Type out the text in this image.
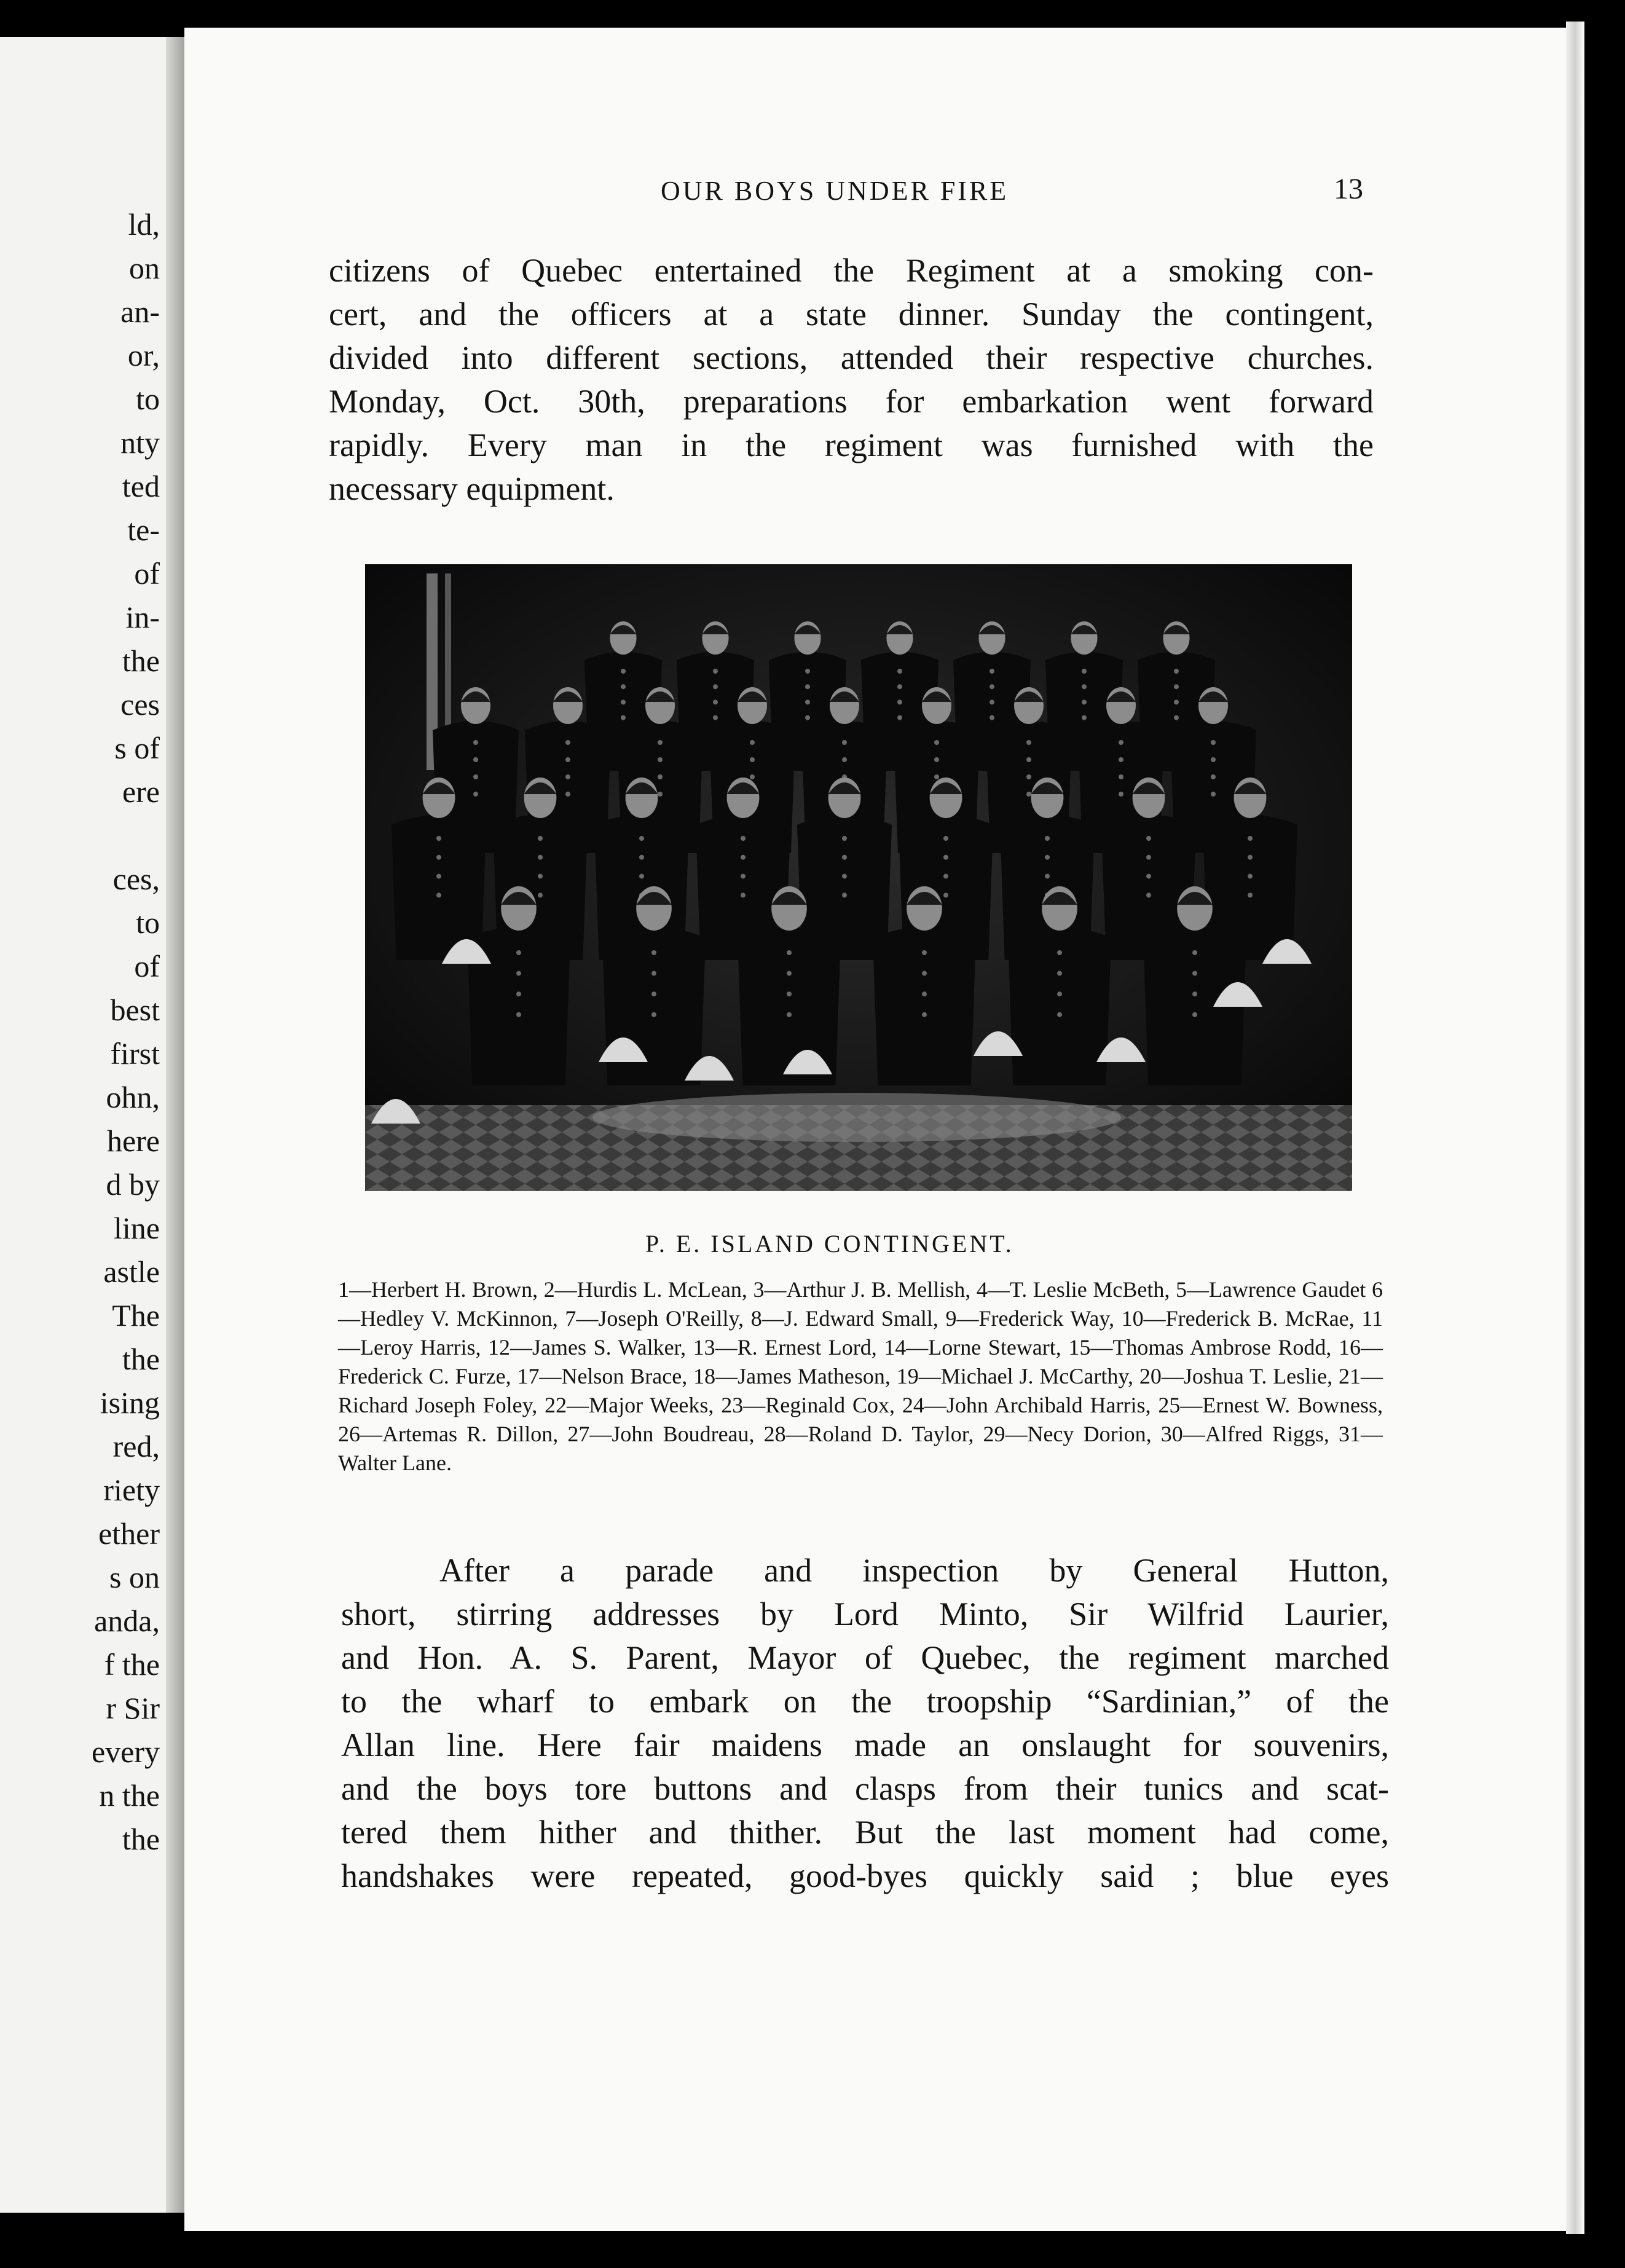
ld,
on
an-
or,
to
nty
ted
te-
of
in-
the
ces
s of
ere
ces,
to
of
best
first
ohn,
here
d by
line
astle
The
the
ising
red,
riety
ether
s on
anda,
f the
r Sir
every
n the
the
OUR BOYS UNDER FIRE	13
citizens of Quebec entertained the Regiment at a smoking con-
cert, and the officers at a state dinner. Sunday the contingent,
divided into different sections, attended their respective churches.
Monday, Oct. 30th, preparations for embarkation went forward
rapidly. Every man in the regiment was furnished with the
necessary equipment.
P. E. ISLAND CONTINGENT.
1—Herbert H. Brown, 2—Hurdis L. McLean, 3—Arthur J. B. Mellish, 4—T. Leslie McBeth, 5—Lawrence Gaudet 6—Hedley V. McKinnon, 7—Joseph O'Reilly, 8—J. Edward Small, 9—Frederick Way, 10—Frederick B. McRae, 11—Leroy Harris, 12—James S. Walker, 13—R. Ernest Lord, 14—Lorne Stewart, 15—Thomas Ambrose Rodd, 16—Frederick C. Furze, 17—Nelson Brace, 18—James Matheson, 19—Michael J. McCarthy, 20—Joshua T. Leslie, 21—Richard Joseph Foley, 22—Major Weeks, 23—Reginald Cox, 24—John Archibald Harris, 25—Ernest W. Bowness, 26—Artemas R. Dillon, 27—John Boudreau, 28—Roland D. Taylor, 29—Necy Dorion, 30—Alfred Riggs, 31—Walter Lane.
After a parade and inspection by General Hutton,
short, stirring addresses by Lord Minto, Sir Wilfrid Laurier,
and Hon. A. S. Parent, Mayor of Quebec, the regiment marched
to the wharf to embark on the troopship “Sardinian,” of the
Allan line. Here fair maidens made an onslaught for souvenirs,
and the boys tore buttons and clasps from their tunics and scat-
tered them hither and thither. But the last moment had come,
handshakes were repeated, good-byes quickly said ; blue eyes
